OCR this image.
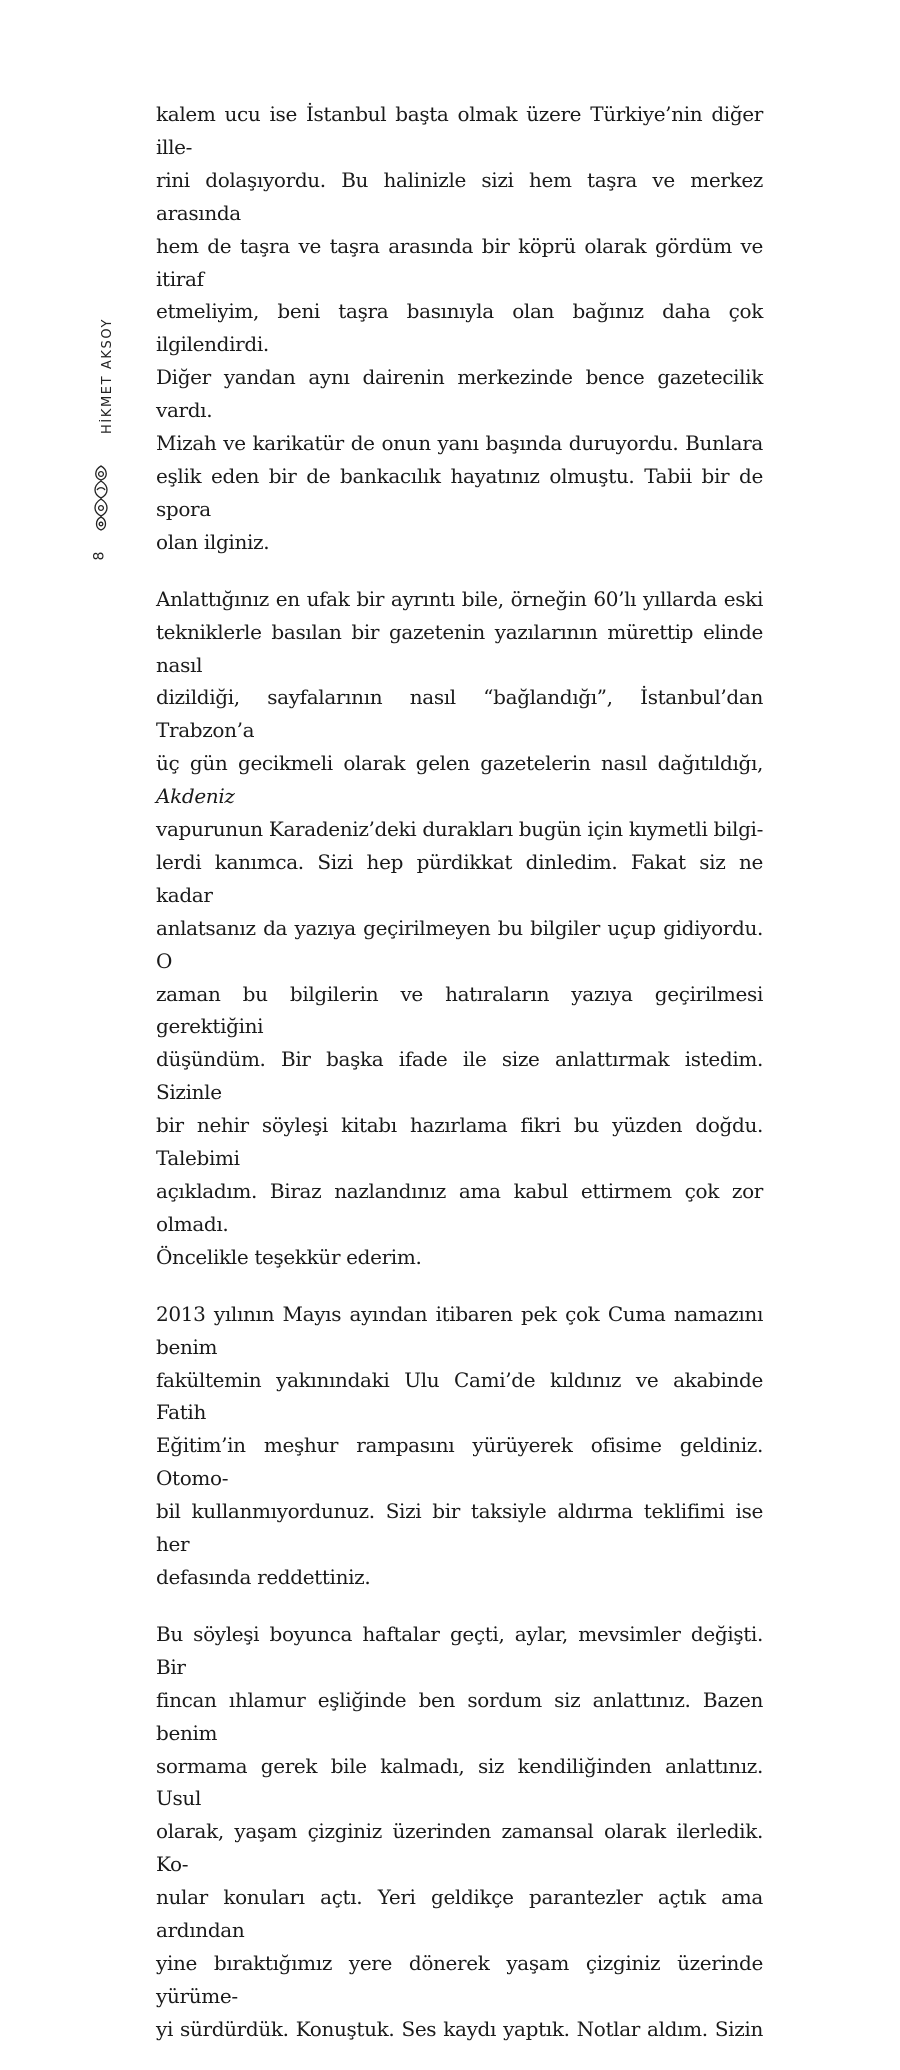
HİKMET AKSOY
8

kalem ucu ise İstanbul başta olmak üzere Türkiye’nin diğer ille-

rini dolaşıyordu. Bu halinizle sizi hem taşra ve merkez arasında

hem de taşra ve taşra arasında bir köprü olarak gördüm ve itiraf

etmeliyim, beni taşra basınıyla olan bağınız daha çok ilgilendirdi.

Diğer yandan aynı dairenin merkezinde bence gazetecilik vardı.

Mizah ve karikatür de onun yanı başında duruyordu. Bunlara

eşlik eden bir de bankacılık hayatınız olmuştu. Tabii bir de spora

olan ilginiz.

Anlattığınız en ufak bir ayrıntı bile, örneğin 60’lı yıllarda eski

tekniklerle basılan bir gazetenin yazılarının mürettip elinde nasıl

dizildiği, sayfalarının nasıl “bağlandığı”, İstanbul’dan Trabzon’a

üç gün gecikmeli olarak gelen gazetelerin nasıl dağıtıldığı, Akdeniz

vapurunun Karadeniz’deki durakları bugün için kıymetli bilgi-

lerdi kanımca. Sizi hep pürdikkat dinledim. Fakat siz ne kadar

anlatsanız da yazıya geçirilmeyen bu bilgiler uçup gidiyordu. O

zaman bu bilgilerin ve hatıraların yazıya geçirilmesi gerektiğini

düşündüm. Bir başka ifade ile size anlattırmak istedim. Sizinle

bir nehir söyleşi kitabı hazırlama fikri bu yüzden doğdu. Talebimi

açıkladım. Biraz nazlandınız ama kabul ettirmem çok zor olmadı.

Öncelikle teşekkür ederim.

2013 yılının Mayıs ayından itibaren pek çok Cuma namazını benim

fakültemin yakınındaki Ulu Cami’de kıldınız ve akabinde Fatih

Eğitim’in meşhur rampasını yürüyerek ofisime geldiniz. Otomo-

bil kullanmıyordunuz. Sizi bir taksiyle aldırma teklifimi ise her

defasında reddettiniz.

Bu söyleşi boyunca haftalar geçti, aylar, mevsimler değişti. Bir

fincan ıhlamur eşliğinde ben sordum siz anlattınız. Bazen benim

sormama gerek bile kalmadı, siz kendiliğinden anlattınız. Usul

olarak, yaşam çizginiz üzerinden zamansal olarak ilerledik. Ko-

nular konuları açtı. Yeri geldikçe parantezler açtık ama ardından

yine bıraktığımız yere dönerek yaşam çizginiz üzerinde yürüme-

yi sürdürdük. Konuştuk. Ses kaydı yaptık. Notlar aldım. Sizin
